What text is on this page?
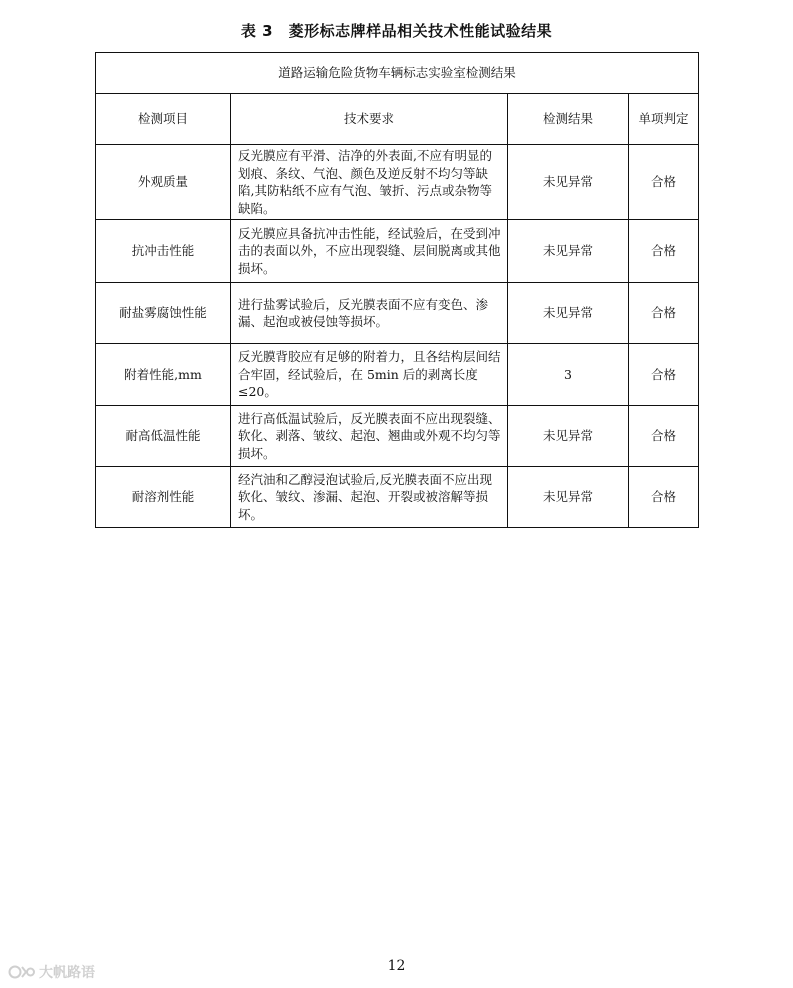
表 3　菱形标志牌样品相关技术性能试验结果
道路运输危险货物车辆标志实验室检测结果			
检测项目	技术要求	检测结果	单项判定
外观质量	反光膜应有平滑、洁净的外表面,不应有明显的划痕、条纹、气泡、颜色及逆反射不均匀等缺陷,其防粘纸不应有气泡、皱折、污点或杂物等缺陷。	未见异常	合格
抗冲击性能	反光膜应具备抗冲击性能，经试验后，在受到冲击的表面以外，不应出现裂缝、层间脱离或其他损坏。	未见异常	合格
耐盐雾腐蚀性能	进行盐雾试验后，反光膜表面不应有变色、渗漏、起泡或被侵蚀等损坏。	未见异常	合格
附着性能,mm	反光膜背胶应有足够的附着力，且各结构层间结合牢固，经试验后，在 5min 后的剥离长度≤20。	3	合格
耐高低温性能	进行高低温试验后，反光膜表面不应出现裂缝、软化、剥落、皱纹、起泡、翘曲或外观不均匀等损坏。	未见异常	合格
耐溶剂性能	经汽油和乙醇浸泡试验后,反光膜表面不应出现软化、皱纹、渗漏、起泡、开裂或被溶解等损坏。	未见异常	合格
12
大帆路语
